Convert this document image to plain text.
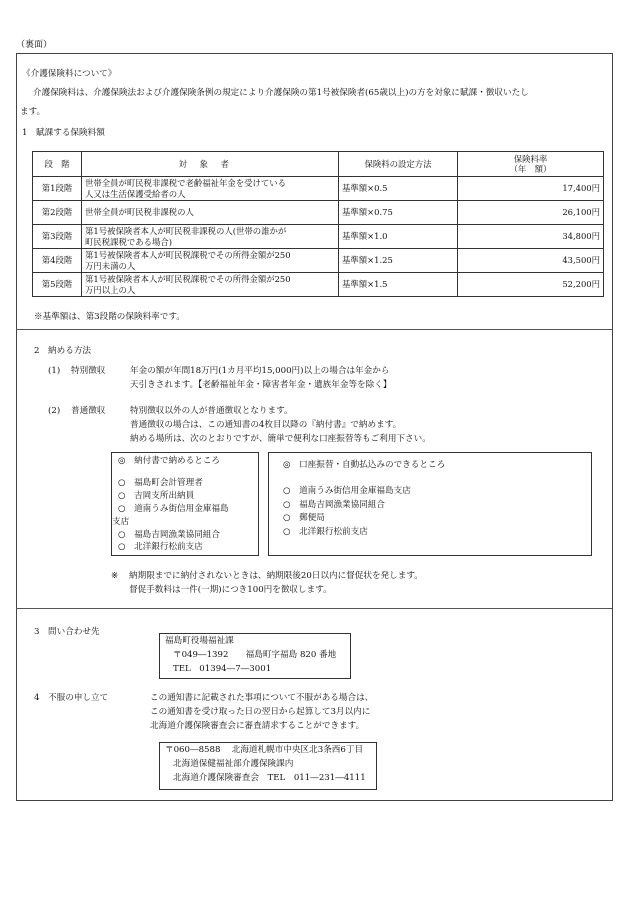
（裏面）
《介護保険料について》
介護保険料は、介護保険法および介護保険条例の規定により介護保険の第1号被保険者(65歳以上)の方を対象に賦課・徴収いたし
ます。
1　賦課する保険料額
段　階	対象者	保険料の設定方法	保険料率
（年　額）

第1段階	世帯全員が町民税非課税で老齢福祉年金を受けている
人又は生活保護受給者の人	基準額×0.5	17,400円
第2段階	世帯全員が町民税非課税の人	基準額×0.75	26,100円
第3段階	第1号被保険者本人が町民税非課税の人(世帯の誰かが
町民税課税である場合)	基準額×1.0	34,800円
第4段階	第1号被保険者本人が町民税課税でその所得金額が250
万円未満の人	基準額×1.25	43,500円
第5段階	第1号被保険者本人が町民税課税でその所得金額が250
万円以上の人	基準額×1.5	52,200円
※基準額は、第3段階の保険料率です。
2　納める方法
(1) 特別徴収	年金の額が年間18万円(1カ月平均15,000円)以上の場合は年金から
天引きされます。【老齢福祉年金・障害者年金・遺族年金等を除く】
(2) 普通徴収	特別徴収以外の人が普通徴収となります。
普通徴収の場合は、この通知書の4枚目以降の『納付書』で納めます。
納める場所は、次のとおりですが、簡単で便利な口座振替等もご利用下さい。
◎　納付書で納めるところ
○　福島町会計管理者
○　吉岡支所出納員
○　道南うみ街信用金庫福島
支店
○　福島吉岡漁業協同組合
○　北洋銀行松前支店
◎　口座振替・自動払込みのできるところ
○　道南うみ街信用金庫福島支店
○　福島吉岡漁業協同組合
○　郵便局
○　北洋銀行松前支店
※ 納期限までに納付されないときは、納期限後20日以内に督促状を発します。
督促手数料は一件(一期)につき100円を徴収します。
3　問い合わせ先
福島町役場福祉課
〒049―1392　　福島町字福島 820 番地
TEL　01394―7―3001
4　不服の申し立て	この通知書に記載された事項について不服がある場合は、
この通知書を受け取った日の翌日から起算して3月以内に
北海道介護保険審査会に審査請求することができます。
〒060―8588　 北海道札幌市中央区北3条西6丁目
北海道保健福祉部介護保険課内
北海道介護保険審査会　TEL　011―231―4111
